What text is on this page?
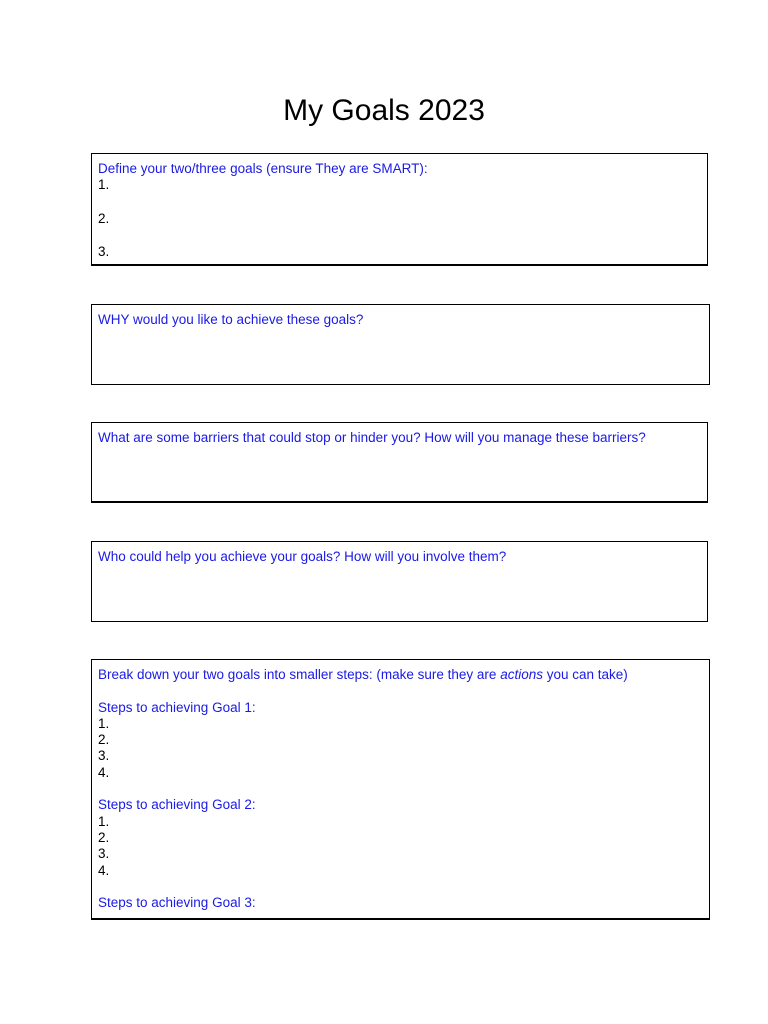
My Goals 2023
Define your two/three goals (ensure They are SMART):
1.
2.
3.
WHY would you like to achieve these goals?
What are some barriers that could stop or hinder you? How will you manage these barriers?
Who could help you achieve your goals? How will you involve them?
Break down your two goals into smaller steps: (make sure they are actions you can take)
Steps to achieving Goal 1:
1.
2.
3.
4.
Steps to achieving Goal 2:
1.
2.
3.
4.
Steps to achieving Goal 3:
